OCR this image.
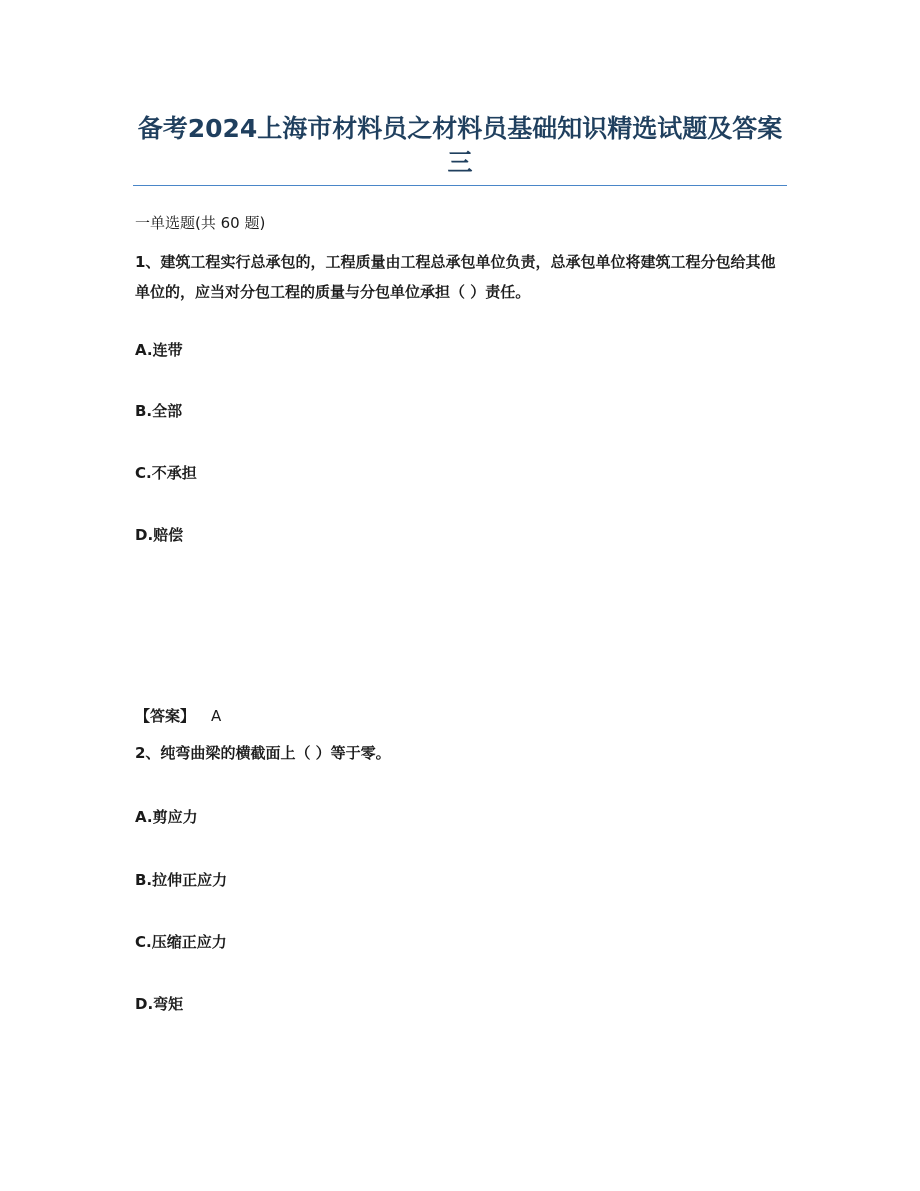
备考2024上海市材料员之材料员基础知识精选试题及答案三
一单选题(共 60 题)
1、建筑工程实行总承包的，工程质量由工程总承包单位负责，总承包单位将建筑工程分包给其他单位的，应当对分包工程的质量与分包单位承担（ ）责任。
A.连带
B.全部
C.不承担
D.赔偿
【答案】 A
2、纯弯曲梁的横截面上（ ）等于零。
A.剪应力
B.拉伸正应力
C.压缩正应力
D.弯矩
